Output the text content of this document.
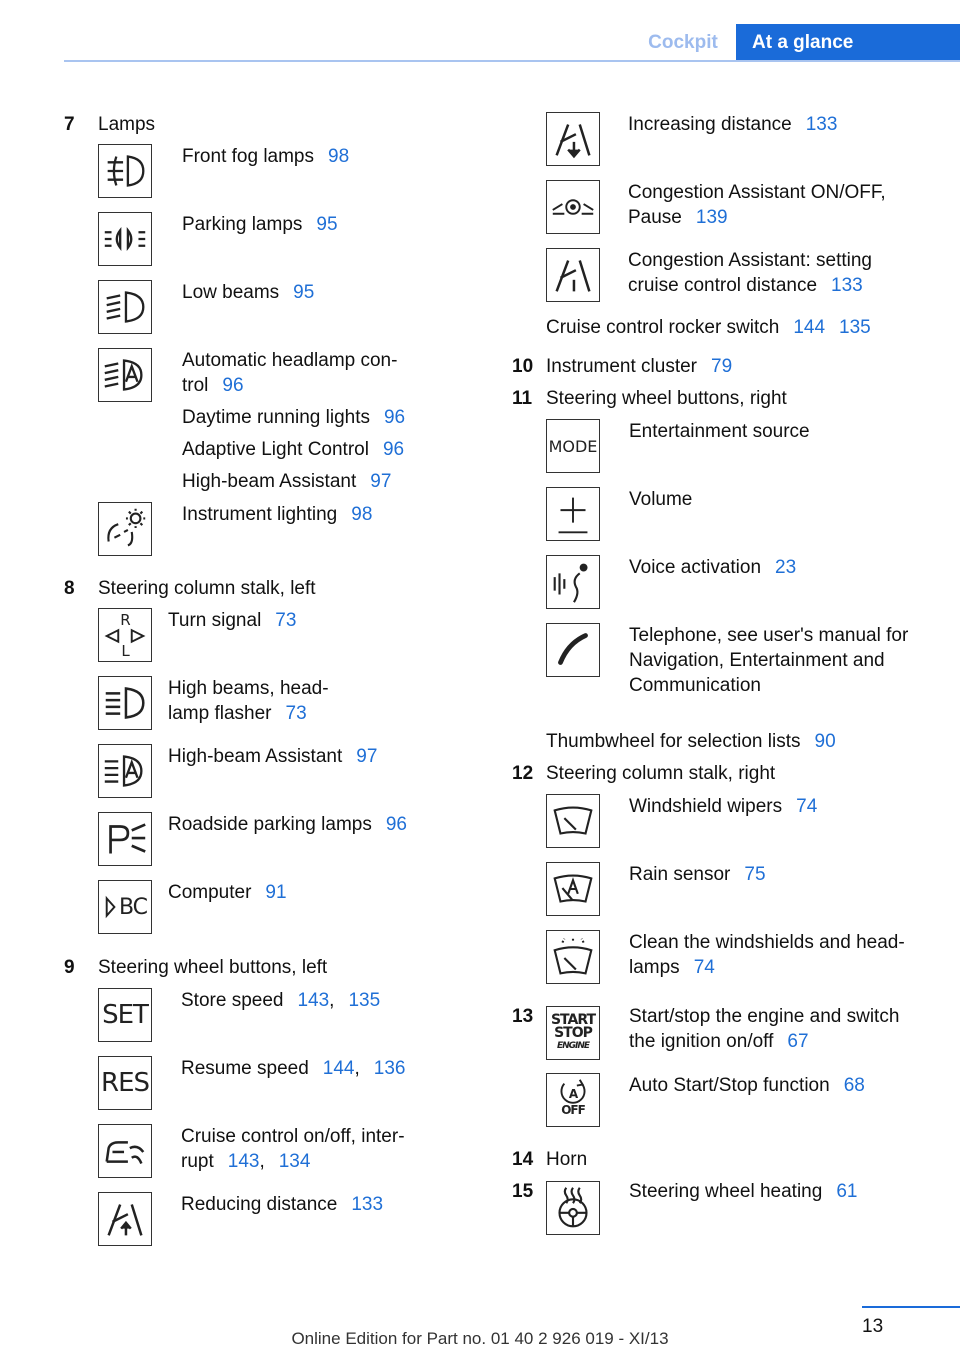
Cockpit	At a glance
7 Lamps
Front fog lamps 98
Parking lamps 95
Low beams 95
Automatic headlamp con-
trol 96
Daytime running lights 96
Adaptive Light Control 96
High-beam Assistant 97
Instrument lighting 98
8 Steering column stalk, left
R
L
Turn signal 73
High beams, head-
lamp flasher 73
High-beam Assistant 97
Roadside parking lamps 96
BC
Computer 91
9 Steering wheel buttons, left
SET Store speed 143, 135
RES Resume speed 144, 136
Cruise control on/off, inter-
rupt 143, 134
Reducing distance 133
Increasing distance 133
Congestion Assistant ON/OFF,
Pause 139
Congestion Assistant: setting
cruise control distance 133
Cruise control rocker switch 144 135
10 Instrument cluster 79
11 Steering wheel buttons, right
MODE
Entertainment source
Volume
Voice activation 23
Telephone, see user's manual for
Navigation, Entertainment and
Communication
Thumbwheel for selection lists 90
12 Steering column stalk, right
Windshield wipers 74
Rain sensor 75
Clean the windshields and head-
lamps 74
13 START
STOP
ENGINE
Start/stop the engine and switch
the ignition on/off 67
A
OFF
Auto Start/Stop function 68
14 Horn
15	Steering wheel heating 61
13
Online Edition for Part no. 01 40 2 926 019 - XI/13
